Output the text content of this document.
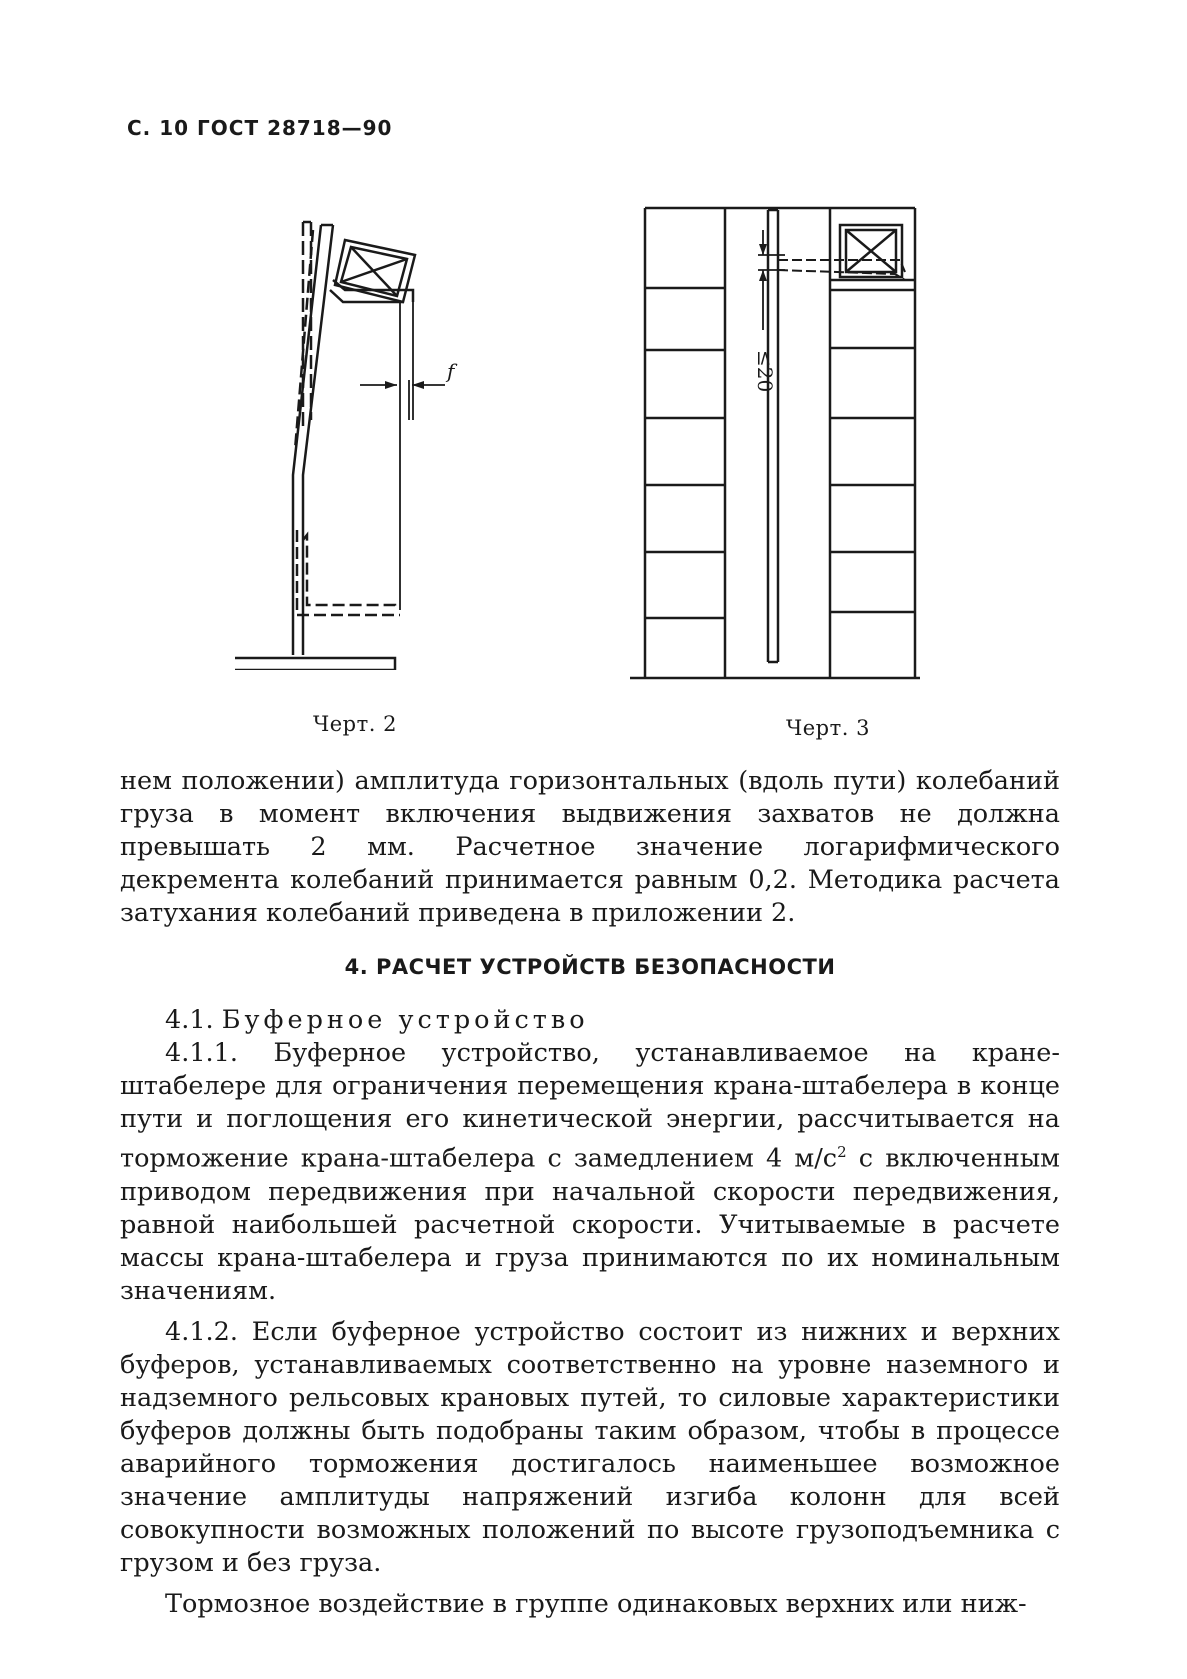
С. 10 ГОСТ 28718—90
f
Черт. 2
≤20
Черт. 3

нем положении) амплитуда горизонтальных (вдоль пути) колебаний груза в момент включения выдвижения захватов не должна превышать 2 мм. Расчетное значение логарифмического декремента колебаний принимается равным 0,2. Методика расчета затухания колебаний приведена в приложении 2.

4. РАСЧЕТ УСТРОЙСТВ БЕЗОПАСНОСТИ

4.1. Буферное устройство

4.1.1. Буферное устройство, устанавливаемое на кране-штабелере для ограничения перемещения крана-штабелера в конце пути и поглощения его кинетической энергии, рассчитывается на торможение крана-штабелера с замедлением 4 $м/с^2$ с включенным приводом передвижения при начальной скорости передвижения, равной наибольшей расчетной скорости. Учитываемые в расчете массы крана-штабелера и груза принимаются по их номинальным значениям.

4.1.2. Если буферное устройство состоит из нижних и верхних буферов, устанавливаемых соответственно на уровне наземного и надземного рельсовых крановых путей, то силовые характеристики буферов должны быть подобраны таким образом, чтобы в процессе аварийного торможения достигалось наименьшее возможное значение амплитуды напряжений изгиба колонн для всей совокупности возможных положений по высоте грузоподъемника с грузом и без груза.

Тормозное воздействие в группе одинаковых верхних или ниж-
